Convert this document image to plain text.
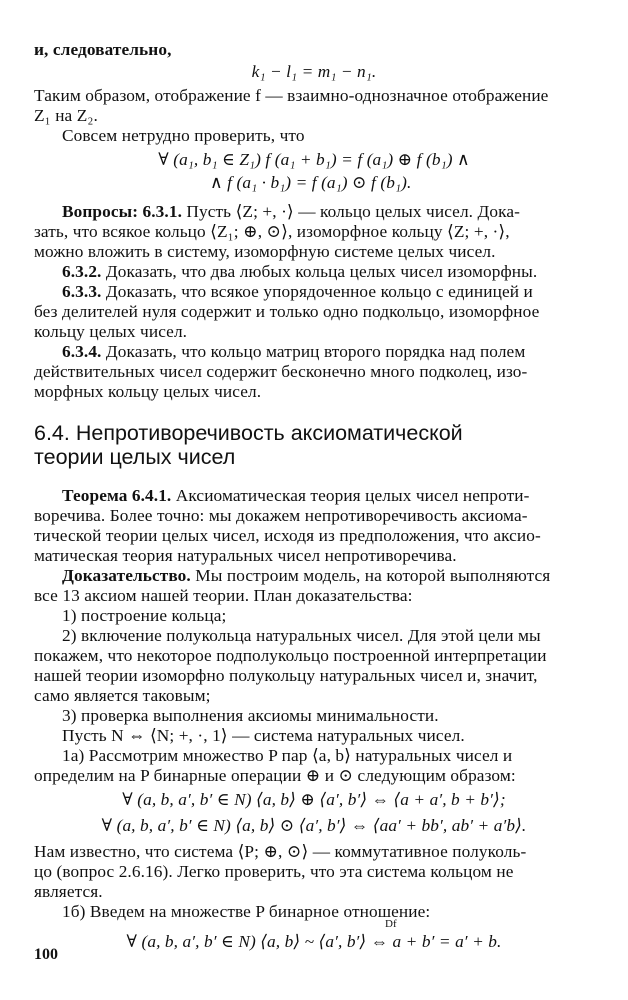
и, следовательно,
k₁ − l₁ = m₁ − n₁.
Таким образом, отображение f — взаимно-однозначное отображение
Z₁ на Z₂.
Совсем нетрудно проверить, что
∀ (a₁, b₁ ∈ Z₁) f (a₁ + b₁) = f (a₁) ⊕ f (b₁) ∧
∧ f (a₁ · b₁) = f (a₁) ⊙ f (b₁).
Вопросы: 6.3.1. Пусть ⟨Z; +, ·⟩ — кольцо целых чисел. Дока-
зать, что всякое кольцо ⟨Z₁; ⊕, ⊙⟩, изоморфное кольцу ⟨Z; +, ·⟩,
можно вложить в систему, изоморфную системе целых чисел.
6.3.2. Доказать, что два любых кольца целых чисел изоморфны.
6.3.3. Доказать, что всякое упорядоченное кольцо с единицей и
без делителей нуля содержит и только одно подкольцо, изоморфное
кольцу целых чисел.
6.3.4. Доказать, что кольцо матриц второго порядка над полем
действительных чисел содержит бесконечно много подколец, изо-
морфных кольцу целых чисел.
6.4. Непротиворечивость аксиоматической
теории целых чисел
Теорема 6.4.1. Аксиоматическая теория целых чисел непроти-
воречива. Более точно: мы докажем непротиворечивость аксиома-
тической теории целых чисел, исходя из предположения, что аксио-
матическая теория натуральных чисел непротиворечива.
Доказательство. Мы построим модель, на которой выполняются
все 13 аксиом нашей теории. План доказательства:
1) построение кольца;
2) включение полукольца натуральных чисел. Для этой цели мы
покажем, что некоторое подполукольцо построенной интерпретации
нашей теории изоморфно полукольцу натуральных чисел и, значит,
само является таковым;
3) проверка выполнения аксиомы минимальности.
Пусть N ⇔ ⟨N; +, ·, 1⟩ — система натуральных чисел.
1а) Рассмотрим множество P пар ⟨a, b⟩ натуральных чисел и
определим на P бинарные операции ⊕ и ⊙ следующим образом:
∀ (a, b, a′, b′ ∈ N) ⟨a, b⟩ ⊕ ⟨a′, b′⟩ ⇔ ⟨a + a′, b + b′⟩;
∀ (a, b, a′, b′ ∈ N) ⟨a, b⟩ ⊙ ⟨a′, b′⟩ ⇔ ⟨aa′ + bb′, ab′ + a′b⟩.
Нам известно, что система ⟨P; ⊕, ⊙⟩ — коммутативное полуколь-
цо (вопрос 2.6.16). Легко проверить, что эта система кольцом не
является.
1б) Введем на множестве P бинарное отношение:
Df
∀ (a, b, a′, b′ ∈ N) ⟨a, b⟩ ~ ⟨a′, b′⟩ ⇔ a + b′ = a′ + b.
100
